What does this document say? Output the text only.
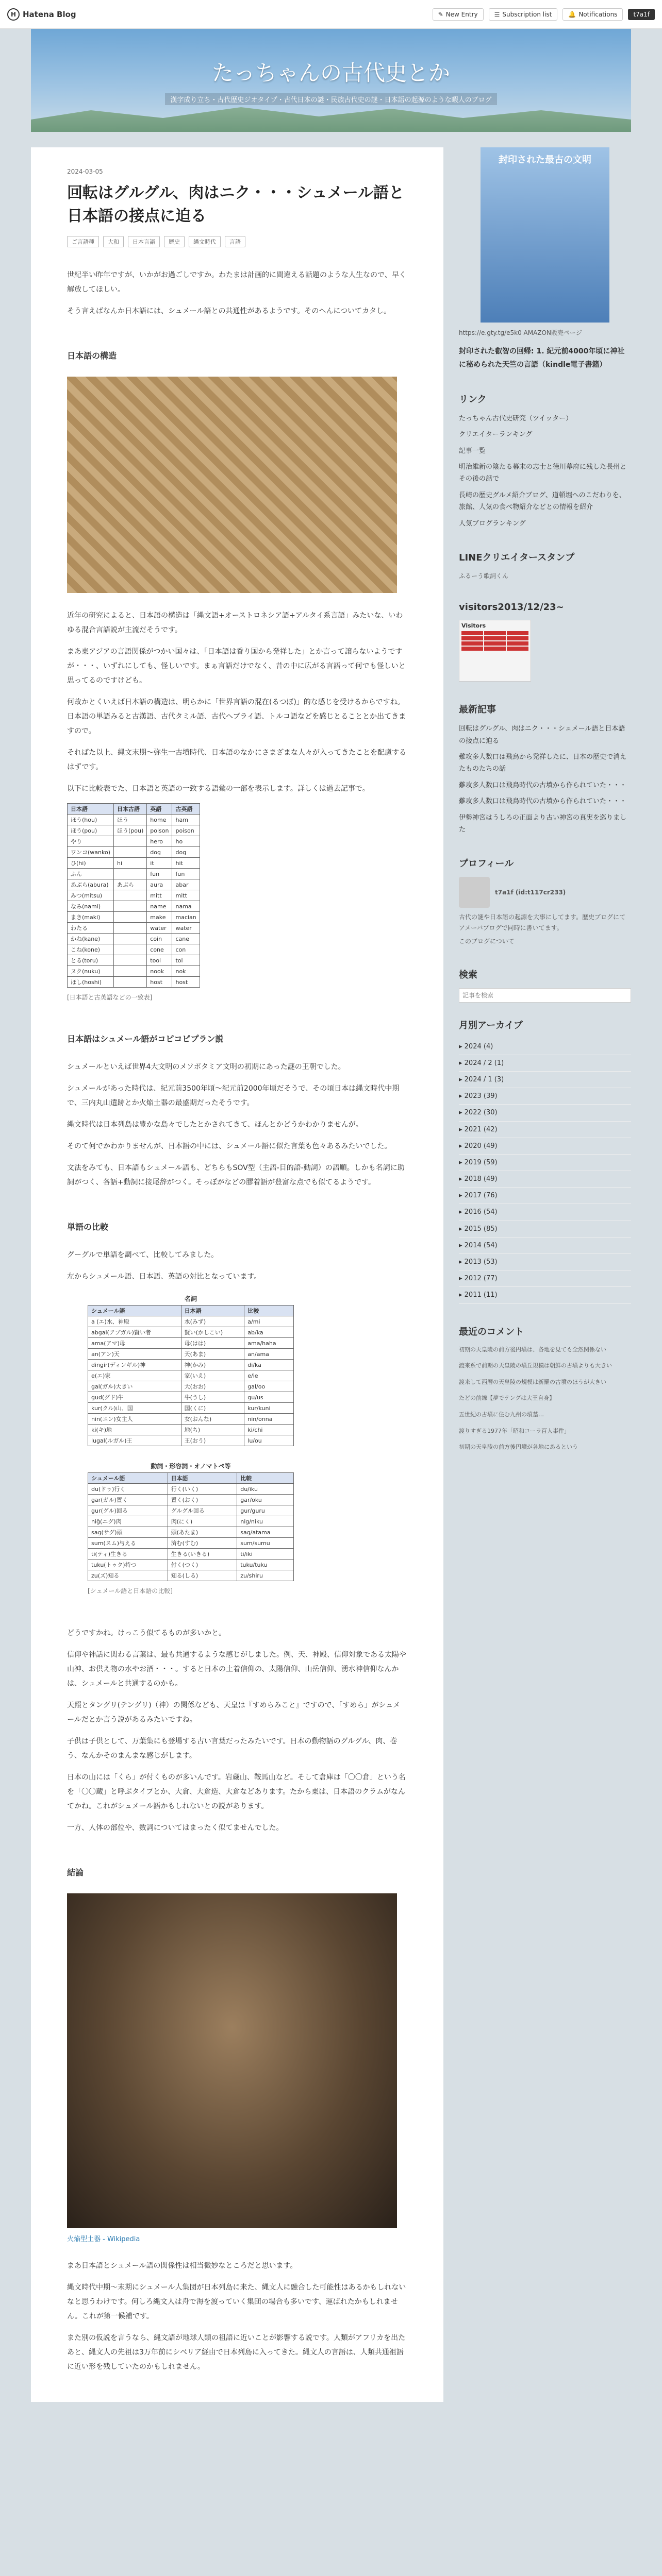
H Hatena Blog	✎ New Entry	☰ Subscription list	🔔 Notifications	t7a1f
たっちゃんの古代史とか
漢字成り立ち・古代歴史ジオタイプ・古代日本の謎・民族古代史の謎・日本語の起源のような暇人のブログ
2024-03-05
回転はグルグル、肉はニク・・・シュメール語と日本語の接点に迫る
ご言語種	大和	日本言語	歴史	縄文時代	言語

世紀半い昨年ですが、いかがお過ごしですか。わたまは計画的に間違える話題のような人生なので、早く解放してほしい。

そう言えばなんか日本語には、シュメール語との共通性があるようです。そのへんについてカタし。

日本語の構造

近年の研究によると、日本語の構造は「縄文語+オーストロネシア語+アルタイ系言語」みたいな、いわゆる混合言語説が主流だそうです。

まあ東アジアの言語関係がつかい国々は、「日本語は香り国から発祥した」とか言って譲らないようですが・・・、いずれにしても、怪しいです。まぁ言語だけでなく、昔の中に広がる言語って何でも怪しいと思ってるのですけども。

何故かとくいえば日本語の構造は、明らかに「世界言語の混在(るつぼ)」的な感じを受けるからですね。日本語の単語みると古漢語、古代タミル語、古代ヘブライ語、トルコ語などを感じとることとか出てきますので。

そればた以上、縄文末期〜弥生一古墳時代、日本語のなかにさまざまな人々が入ってきたことを配慮するはずです。

以下に比較表でた、日本語と英語の一致する語彙の一部を表示します。詳しくは過去記事で。

日本語	日本古語	英語	古英語
ほう(hou)	ほう	home	ham
ほう(pou)	ほう(pou)	poison	poison
やり		hero	ho
ワンコ(wanko)		dog	dog
ひ(hi)	hi	it	hit
ふん		fun	fun
あぶら(abura)	あぶら	aura	abar
みつ(mitsu)		mitt	mitt
なみ(nami)		name	nama
まき(maki)		make	macian
わたる		water	water
かね(kane)		coin	cane
こね(kone)		cone	con
とる(toru)		tool	tol
ヌク(nuku)		nook	nok
ほし(hoshi)		host	host
[日本語と古英語などの一致表]
日本語はシュメール語がコピコピプラン説

シュメールといえば世界4大文明のメソポタミア文明の初期にあった謎の王朝でした。

シュメールがあった時代は、紀元前3500年頃〜紀元前2000年頃だそうで、その頃日本は縄文時代中期で、三内丸山遺跡とか火焔土器の最盛期だったそうです。

縄文時代は日本列島は豊かな島々でしたとかされてきて、ほんとかどうかわかりませんが。

そのて何でかわかりませんが、日本語の中には、シュメール語に似た言葉も色々あるみたいでした。

文法をみても、日本語もシュメール語も、どちらもSOV型（主語-目的語-動詞）の語順。しかも名詞に助詞がつく、各語+動詞に接尾辞がつく。そっぽがなどの膠着語が豊富な点でも似てるようです。

単語の比較

グーグルで単語を調べて、比較してみました。

左からシュメール語、日本語、英語の対比となっています。

名詞
シュメール語	日本語	比較
a (エ)水、神殿	水(みず)	a/mi
abgal(アブガル)賢い者	賢い(かしこい)	ab/ka
ama(アマ)母	母(はは)	ama/haha
an(アン)天	天(あま)	an/ama
dingir(ディンギル)神	神(かみ)	di/ka
e(エ)家	家(いえ)	e/ie
gal(ガル)大きい	大(おお)	gal/oo
gud(グド)牛	牛(うし)	gu/us
kur(クル)山、国	国(くに)	kur/kuni
nin(ニン)女主人	女(おんな)	nin/onna
ki(キ)地	地(ち)	ki/chi
lugal(ルガル)王	王(おう)	lu/ou
動詞・形容詞・オノマトペ等
シュメール語	日本語	比較
du(ドゥ)行く	行く(いく)	du/iku
gar(ガル)置く	置く(おく)	gar/oku
gur(グル)回る	グルグル回る	gur/guru
niĝ(ニグ)肉	肉(にく)	nig/niku
sag(サグ)頭	頭(あたま)	sag/atama
sum(スム)与える	済む(すむ)	sum/sumu
ti(ティ)生きる	生きる(いきる)	ti/iki
tuku(トゥク)持つ	付く(つく)	tuku/tuku
zu(ズ)知る	知る(しる)	zu/shiru
[シュメール語と日本語の比較]

どうですかね。けっこう似てるものが多いかと。

信仰や神話に関わる言葉は、最も共通するような感じがしました。例、天、神殿、信仰対象である太陽や山神、お供え物の水やお酒・・・。すると日本の土着信仰の、太陽信仰、山岳信仰、湧水神信仰なんかは、シュメールと共通するのかも。

天照とタングリ(テングリ)（神）の関係なども、天皇は『すめらみこと』ですので、「すめら」がシュメールだとか言う説があるみたいですね。

子供は子供として、万葉集にも登場する古い言葉だったみたいです。日本の動物語のグルグル、肉、巻う、なんかそのまんまな感じがします。

日本の山には「くら」が付くものが多いんです。岩蔵山、鞍馬山など。そして倉庫は「〇〇倉」という名を「〇〇蔵」と呼ぶタイプとか、大倉、大倉造、大倉などあります。たから東は、日本語のクラムがなんてかね。これがシュメール語かもしれないとの説があります。

一方、人体の部位や、数詞についてはまったく似てませんでした。

結論
火焔型土器 - Wikipedia

まあ日本語とシュメール語の関係性は相当微妙なところだと思います。

縄文時代中期〜末期にシュメール人集団が日本列島に来た、縄文人に融合した可能性はあるかもしれないなと思うわけです。何しろ縄文人は舟で海を渡っていく集団の場合も多いです、運ばれたかもしれません。これが第一候補です。

また別の仮説を言うなら、縄文語が地球人類の祖語に近いことが影響する説です。人類がアフリカを出たあと、縄文人の先祖は3万年前にシベリア経由で日本列島に入ってきた。縄文人の言語は、人類共通祖語に近い形を残していたのかもしれません。

封印された最古の文明
https://e.gty.tg/e5k0 AMAZON販売ページ
封印された叡智の回帰: 1. 紀元前4000年頃に神社に秘められた天竺の言語（kindle電子書籍）
リンク
たっちゃん古代史研究（ツイッター）
クリエイターランキング
記事一覧
明治維新の陰たる幕末の志士と徳川幕府に残した長州とその後の話で
長崎の歴史グルメ紹介ブログ、道頓堀へのこだわりを、旅館、人気の食べ物紹介などとの情報を紹介
人気ブログランキング
LINEクリエイタースタンプ
ふるーう歌詞くん
visitors2013/12/23~
Visitors
最新記事
回転はグルグル、肉はニク・・・シュメール語と日本語の接点に迫る
難攻多人数口は飛鳥から発祥したに、日本の歴史で消えたものたちの話
難攻多人数口は飛鳥時代の古墳から作られていた・・・
難攻多人数口は飛鳥時代の古墳から作られていた・・・
伊勢神宮はうしろの正面より古い神宮の真実を巡りました
プロフィール
t7a1f (id:t117cr233)
古代の謎や日本語の起源を大事にしてます。歴史ブログにてアメーバブログで同時に書いてます。
このブログについて
検索
記事を検索
月別アーカイブ
▸ 2024 (4)
▸ 2024 / 2 (1)
▸ 2024 / 1 (3)
▸ 2023 (39)
▸ 2022 (30)
▸ 2021 (42)
▸ 2020 (49)
▸ 2019 (59)
▸ 2018 (49)
▸ 2017 (76)
▸ 2016 (54)
▸ 2015 (85)
▸ 2014 (54)
▸ 2013 (53)
▸ 2012 (77)
▸ 2011 (11)
最近のコメント
初期の天皇陵の前方後円墳は、各地を見ても全然関係ない
渡来系で前期の天皇陵の墳丘規模は朝鮮の古墳よりも大きい
渡来して西暦の天皇陵の規模は新羅の古墳のほうが大きい
たどの前線【夢でテングは大王自身】
五世紀の古墳に住む九州の墳墓…
渡りすぎる1977年「昭和コーラ百人事件」
初期の天皇陵の前方後円墳が各地にあるという
